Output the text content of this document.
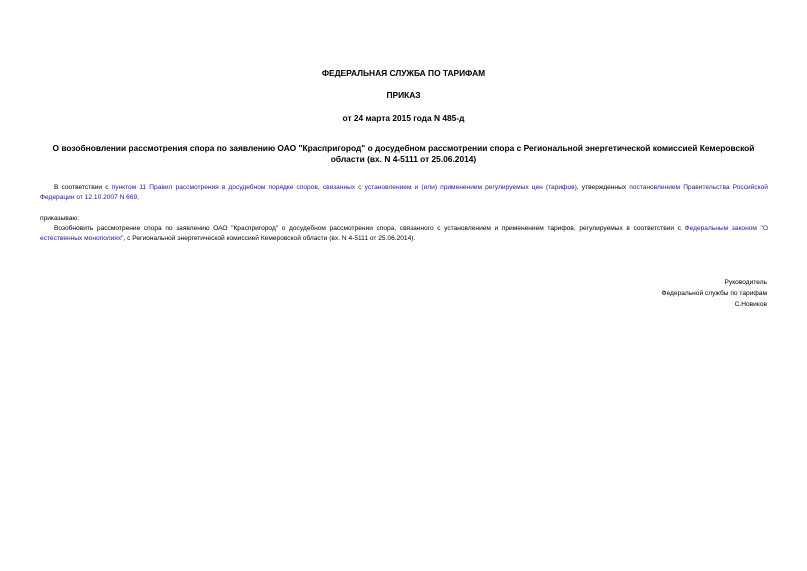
ФЕДЕРАЛЬНАЯ СЛУЖБА ПО ТАРИФАМ
ПРИКАЗ
от 24 марта 2015 года N 485-д
О возобновлении рассмотрения спора по заявлению ОАО "Краспригород" о досудебном рассмотрении спора с Региональной энергетической комиссией Кемеровской области (вх. N 4-5111 от 25.06.2014)
В соответствии с пунктом 11 Правил рассмотрения в досудебном порядке споров, связанных с установлением и (или) применением регулируемых цен (тарифов), утвержденных постановлением Правительства Российской Федерации от 12.10.2007 N 669,
приказываю:
Возобновить рассмотрение спора по заявлению ОАО "Краспригород" о досудебном рассмотрении спора, связанного с установлением и применением тарифов, регулируемых в соответствии с Федеральным законом "О естественных монополиях", с Региональной энергетической комиссией Кемеровской области (вх. N 4-5111 от 25.06.2014).
Руководитель
Федеральной службы по тарифам
С.Новиков
